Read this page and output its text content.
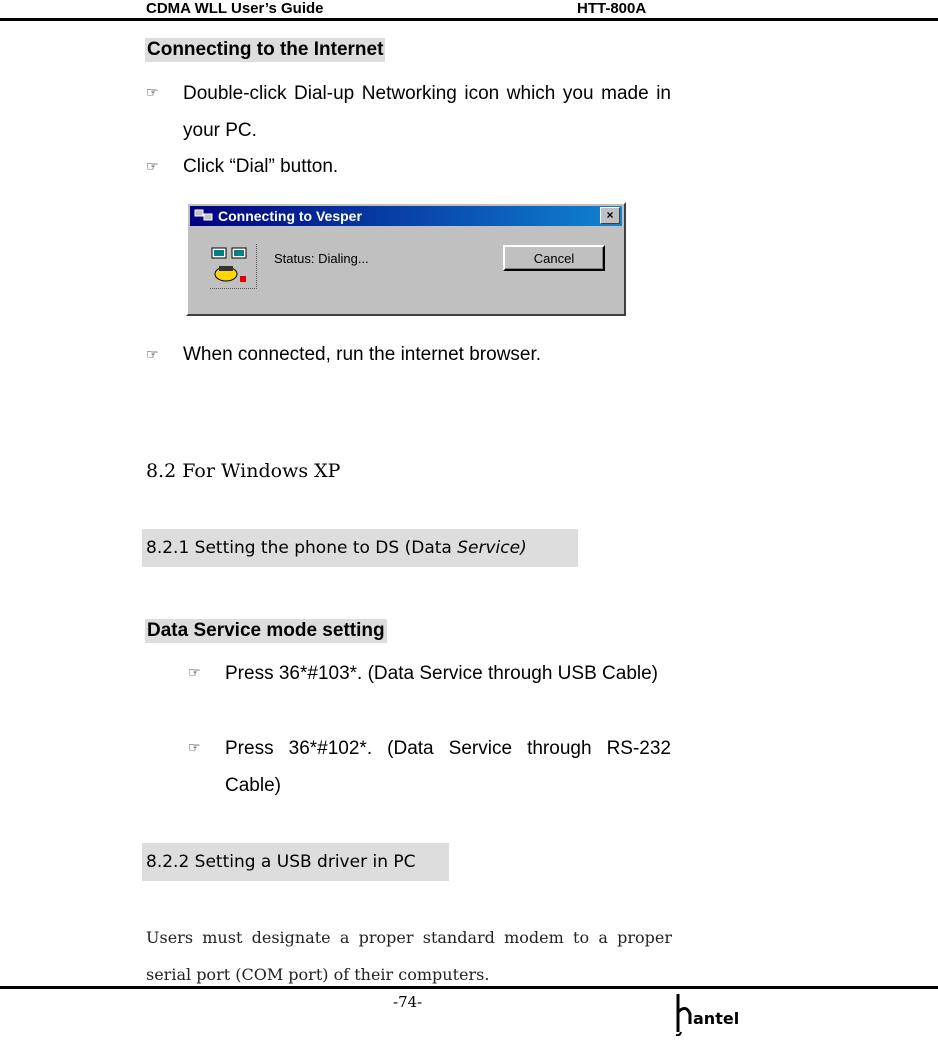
CDMA WLL User’s Guide	HTT-800A
Connecting to the Internet
☞ Double-click Dial-up Networking icon which you made in your PC.
☞ Click “Dial” button.
Connecting to Vesper	×
Status: Dialing...	Cancel
☞ When connected, run the internet browser.
8.2 For Windows XP
8.2.1 Setting the phone to DS (Data Service)
Data Service mode setting
☞ Press 36*#103*. (Data Service through USB Cable)
☞ Press 36*#102*. (Data Service through RS-232 Cable)
8.2.2 Setting a USB driver in PC
Users must designate a proper standard modem to a proper serial port (COM port) of their computers.
-74-
antel
